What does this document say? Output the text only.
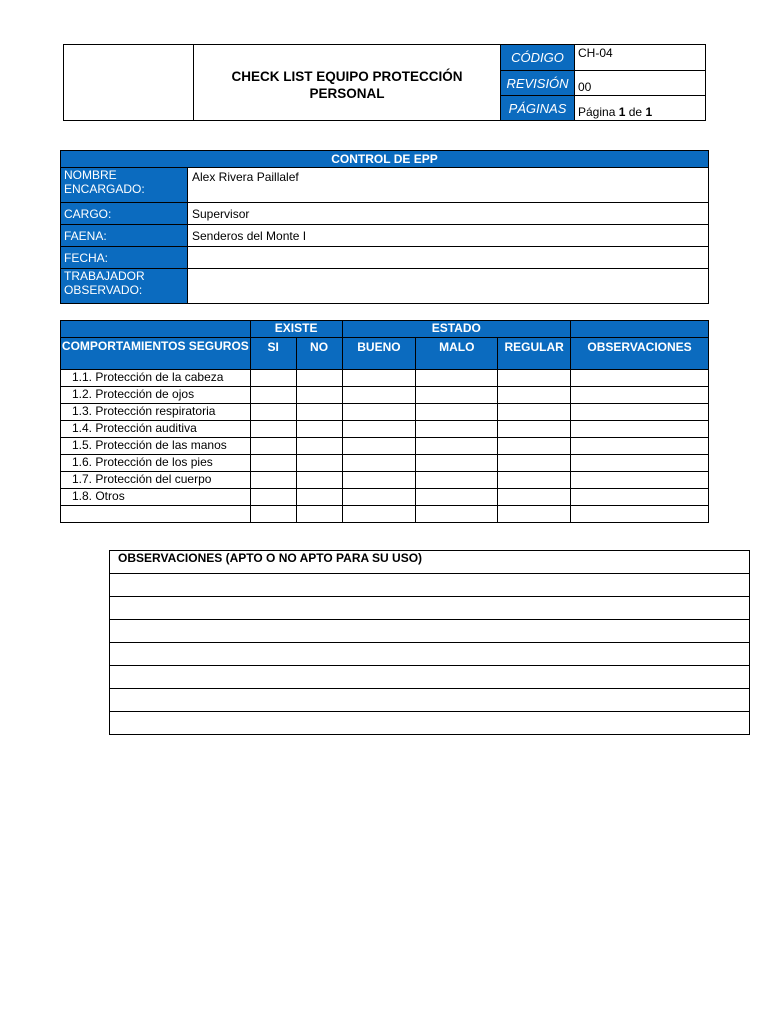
	CHECK LIST EQUIPO PROTECCIÓN
PERSONAL	CÓDIGO	CH-04
		REVISIÓN	00
		PÁGINAS	Página 1 de 1
CONTROL DE EPP	
NOMBRE ENCARGADO:	Alex Rivera Paillalef
CARGO:	Supervisor
FAENA:	Senderos del Monte I
FECHA:	
TRABAJADOR OBSERVADO:	
	EXISTE		ESTADO			
COMPORTAMIENTOS SEGUROS	SI	NO	BUENO	MALO	REGULAR	OBSERVACIONES
1.1. Protección de la cabeza						
1.2. Protección de ojos						
1.3. Protección respiratoria						
1.4. Protección auditiva						
1.5. Protección de las manos						
1.6. Protección de los pies						
1.7. Protección del cuerpo						
1.8. Otros						

OBSERVACIONES (APTO O NO APTO PARA SU USO)
